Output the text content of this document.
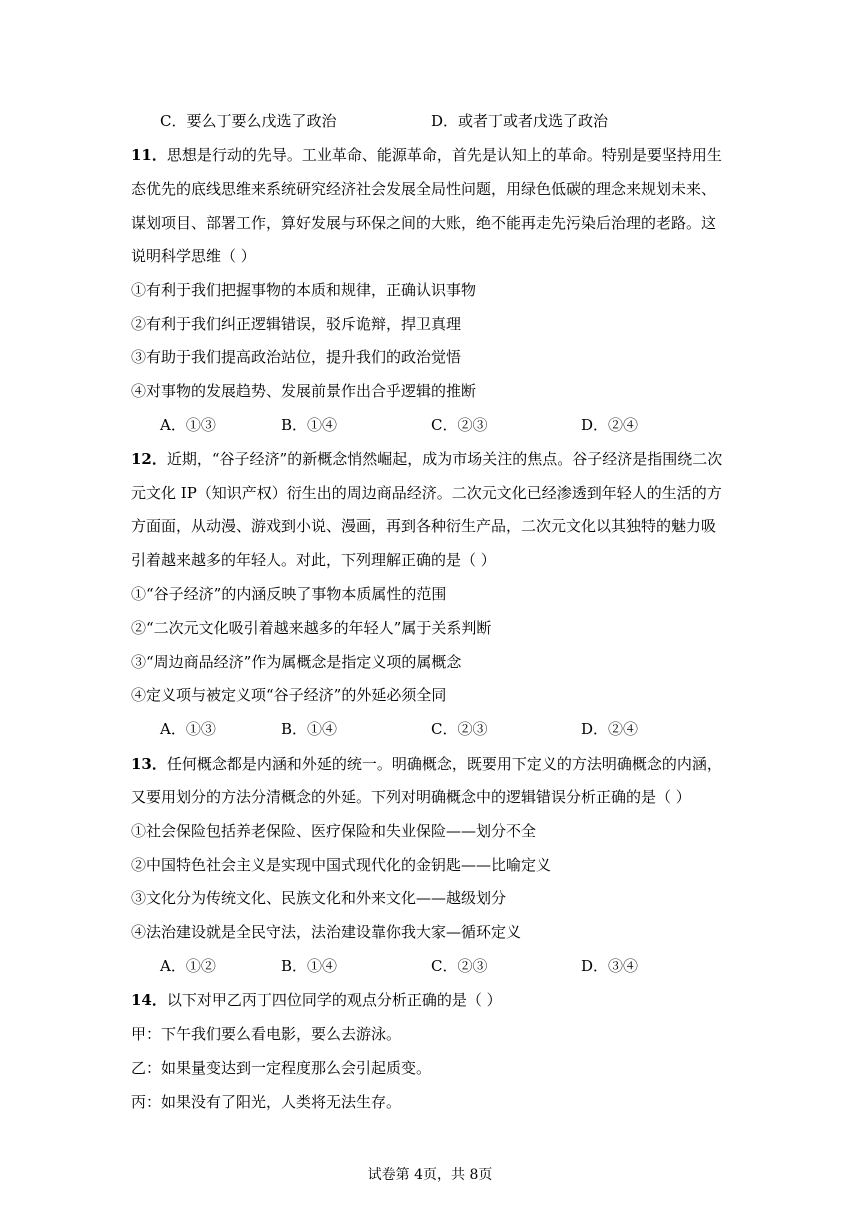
C．要么丁要么戊选了政治	D．或者丁或者戊选了政治
11．思想是行动的先导。工业革命、能源革命，首先是认知上的革命。特别是要坚持用生
态优先的底线思维来系统研究经济社会发展全局性问题，用绿色低碳的理念来规划未来、
谋划项目、部署工作，算好发展与环保之间的大账，绝不能再走先污染后治理的老路。这
说明科学思维（ ）
①有利于我们把握事物的本质和规律，正确认识事物
②有利于我们纠正逻辑错误，驳斥诡辩，捍卫真理
③有助于我们提高政治站位，提升我们的政治觉悟
④对事物的发展趋势、发展前景作出合乎逻辑的推断
A．①③	B．①④	C．②③	D．②④
12．近期，“谷子经济”的新概念悄然崛起，成为市场关注的焦点。谷子经济是指围绕二次
元文化 IP（知识产权）衍生出的周边商品经济。二次元文化已经渗透到年轻人的生活的方
方面面，从动漫、游戏到小说、漫画，再到各种衍生产品，二次元文化以其独特的魅力吸
引着越来越多的年轻人。对此，下列理解正确的是（ ）
①“谷子经济”的内涵反映了事物本质属性的范围
②“二次元文化吸引着越来越多的年轻人”属于关系判断
③“周边商品经济”作为属概念是指定义项的属概念
④定义项与被定义项“谷子经济”的外延必须全同
A．①③	B．①④	C．②③	D．②④
13．任何概念都是内涵和外延的统一。明确概念，既要用下定义的方法明确概念的内涵，
又要用划分的方法分清概念的外延。下列对明确概念中的逻辑错误分析正确的是（ ）
①社会保险包括养老保险、医疗保险和失业保险——划分不全
②中国特色社会主义是实现中国式现代化的金钥匙——比喻定义
③文化分为传统文化、民族文化和外来文化——越级划分
④法治建设就是全民守法，法治建设靠你我大家—循环定义
A．①②	B．①④	C．②③	D．③④
14．以下对甲乙丙丁四位同学的观点分析正确的是（ ）
甲：下午我们要么看电影，要么去游泳。
乙：如果量变达到一定程度那么会引起质变。
丙：如果没有了阳光，人类将无法生存。
试卷第 4页，共 8页
